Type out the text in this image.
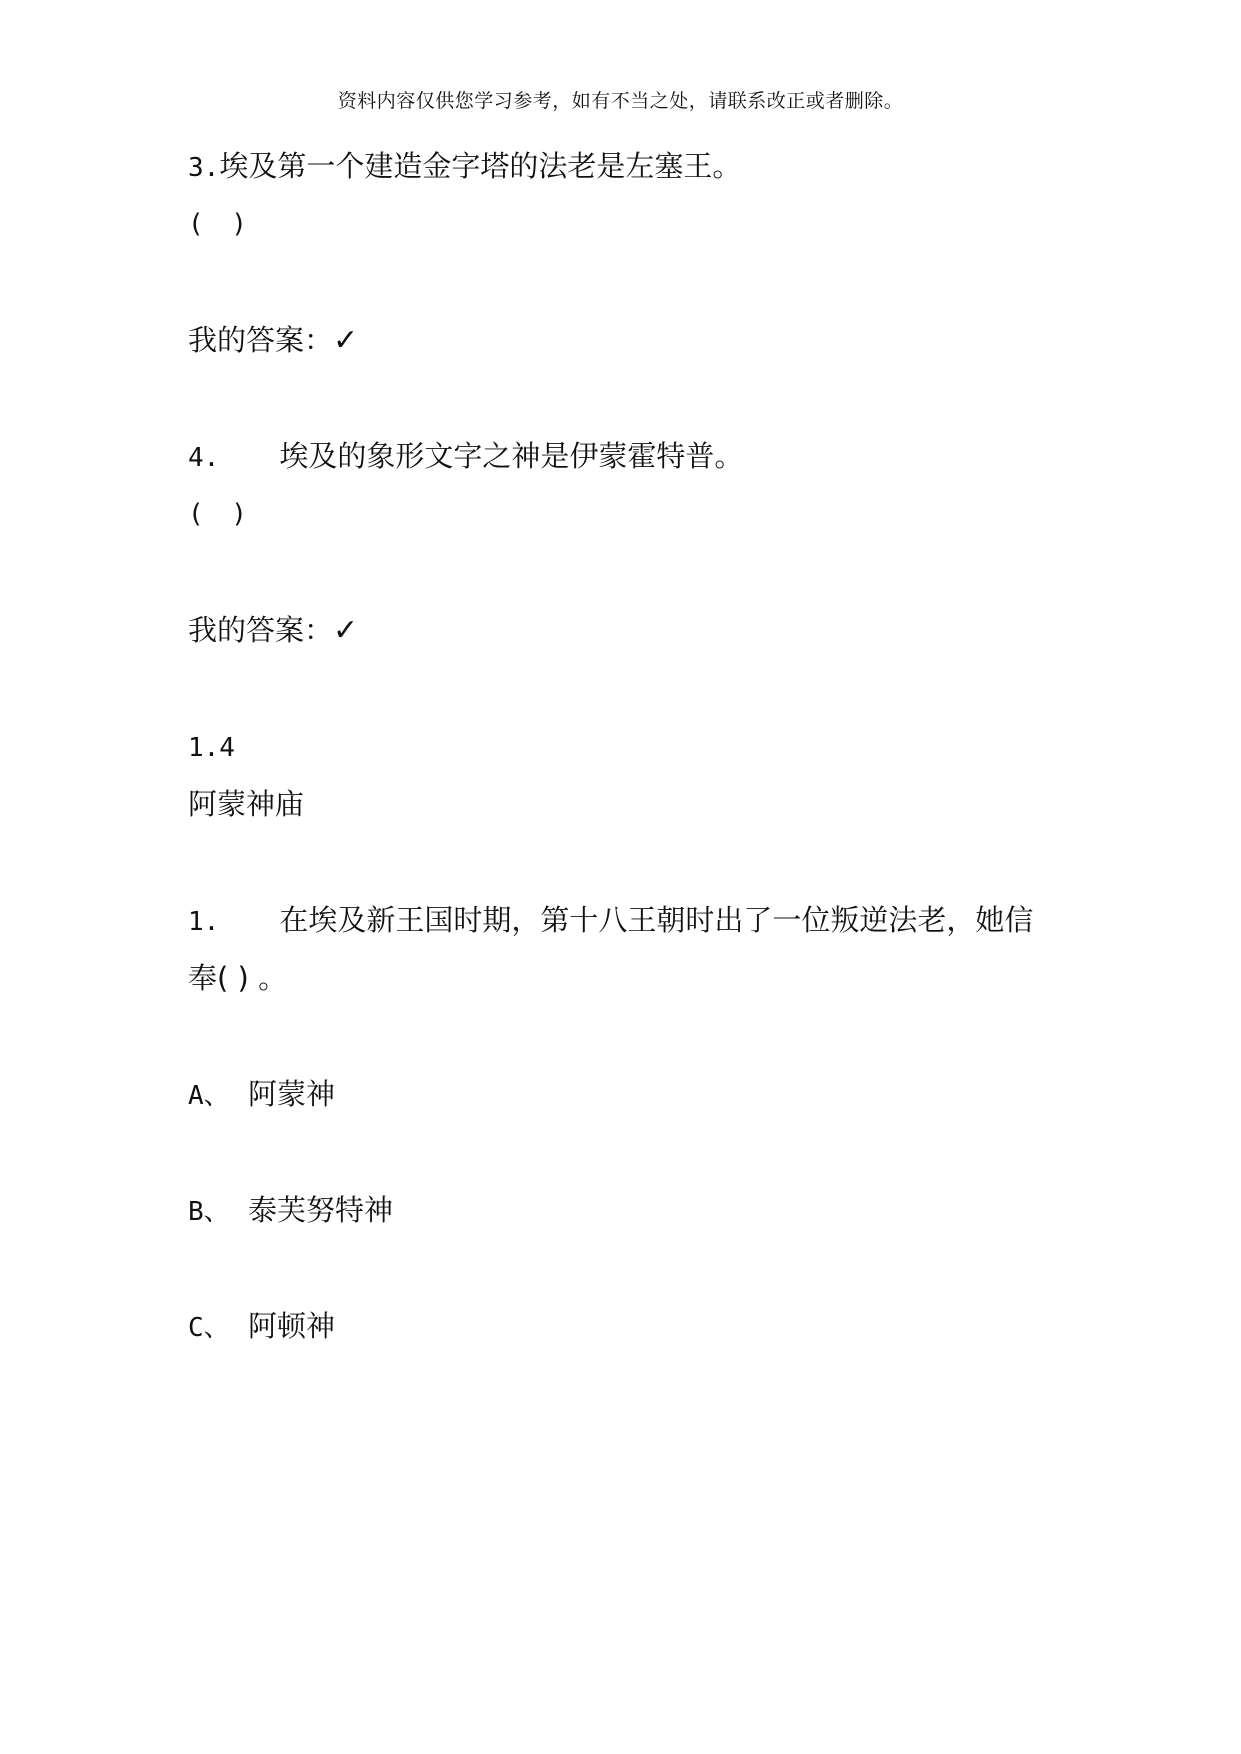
资料内容仅供您学习参考，如有不当之处，请联系改正或者删除。
3.埃及第一个建造金字塔的法老是左塞王。
( )
我的答案：✓
4. 埃及的象形文字之神是伊蒙霍特普。
( )
我的答案：✓
1.4
阿蒙神庙
1. 在埃及新王国时期，第十八王朝时出了一位叛逆法老，她信
奉( ) 。
A、 阿蒙神
B、 泰芙努特神
C、 阿顿神
